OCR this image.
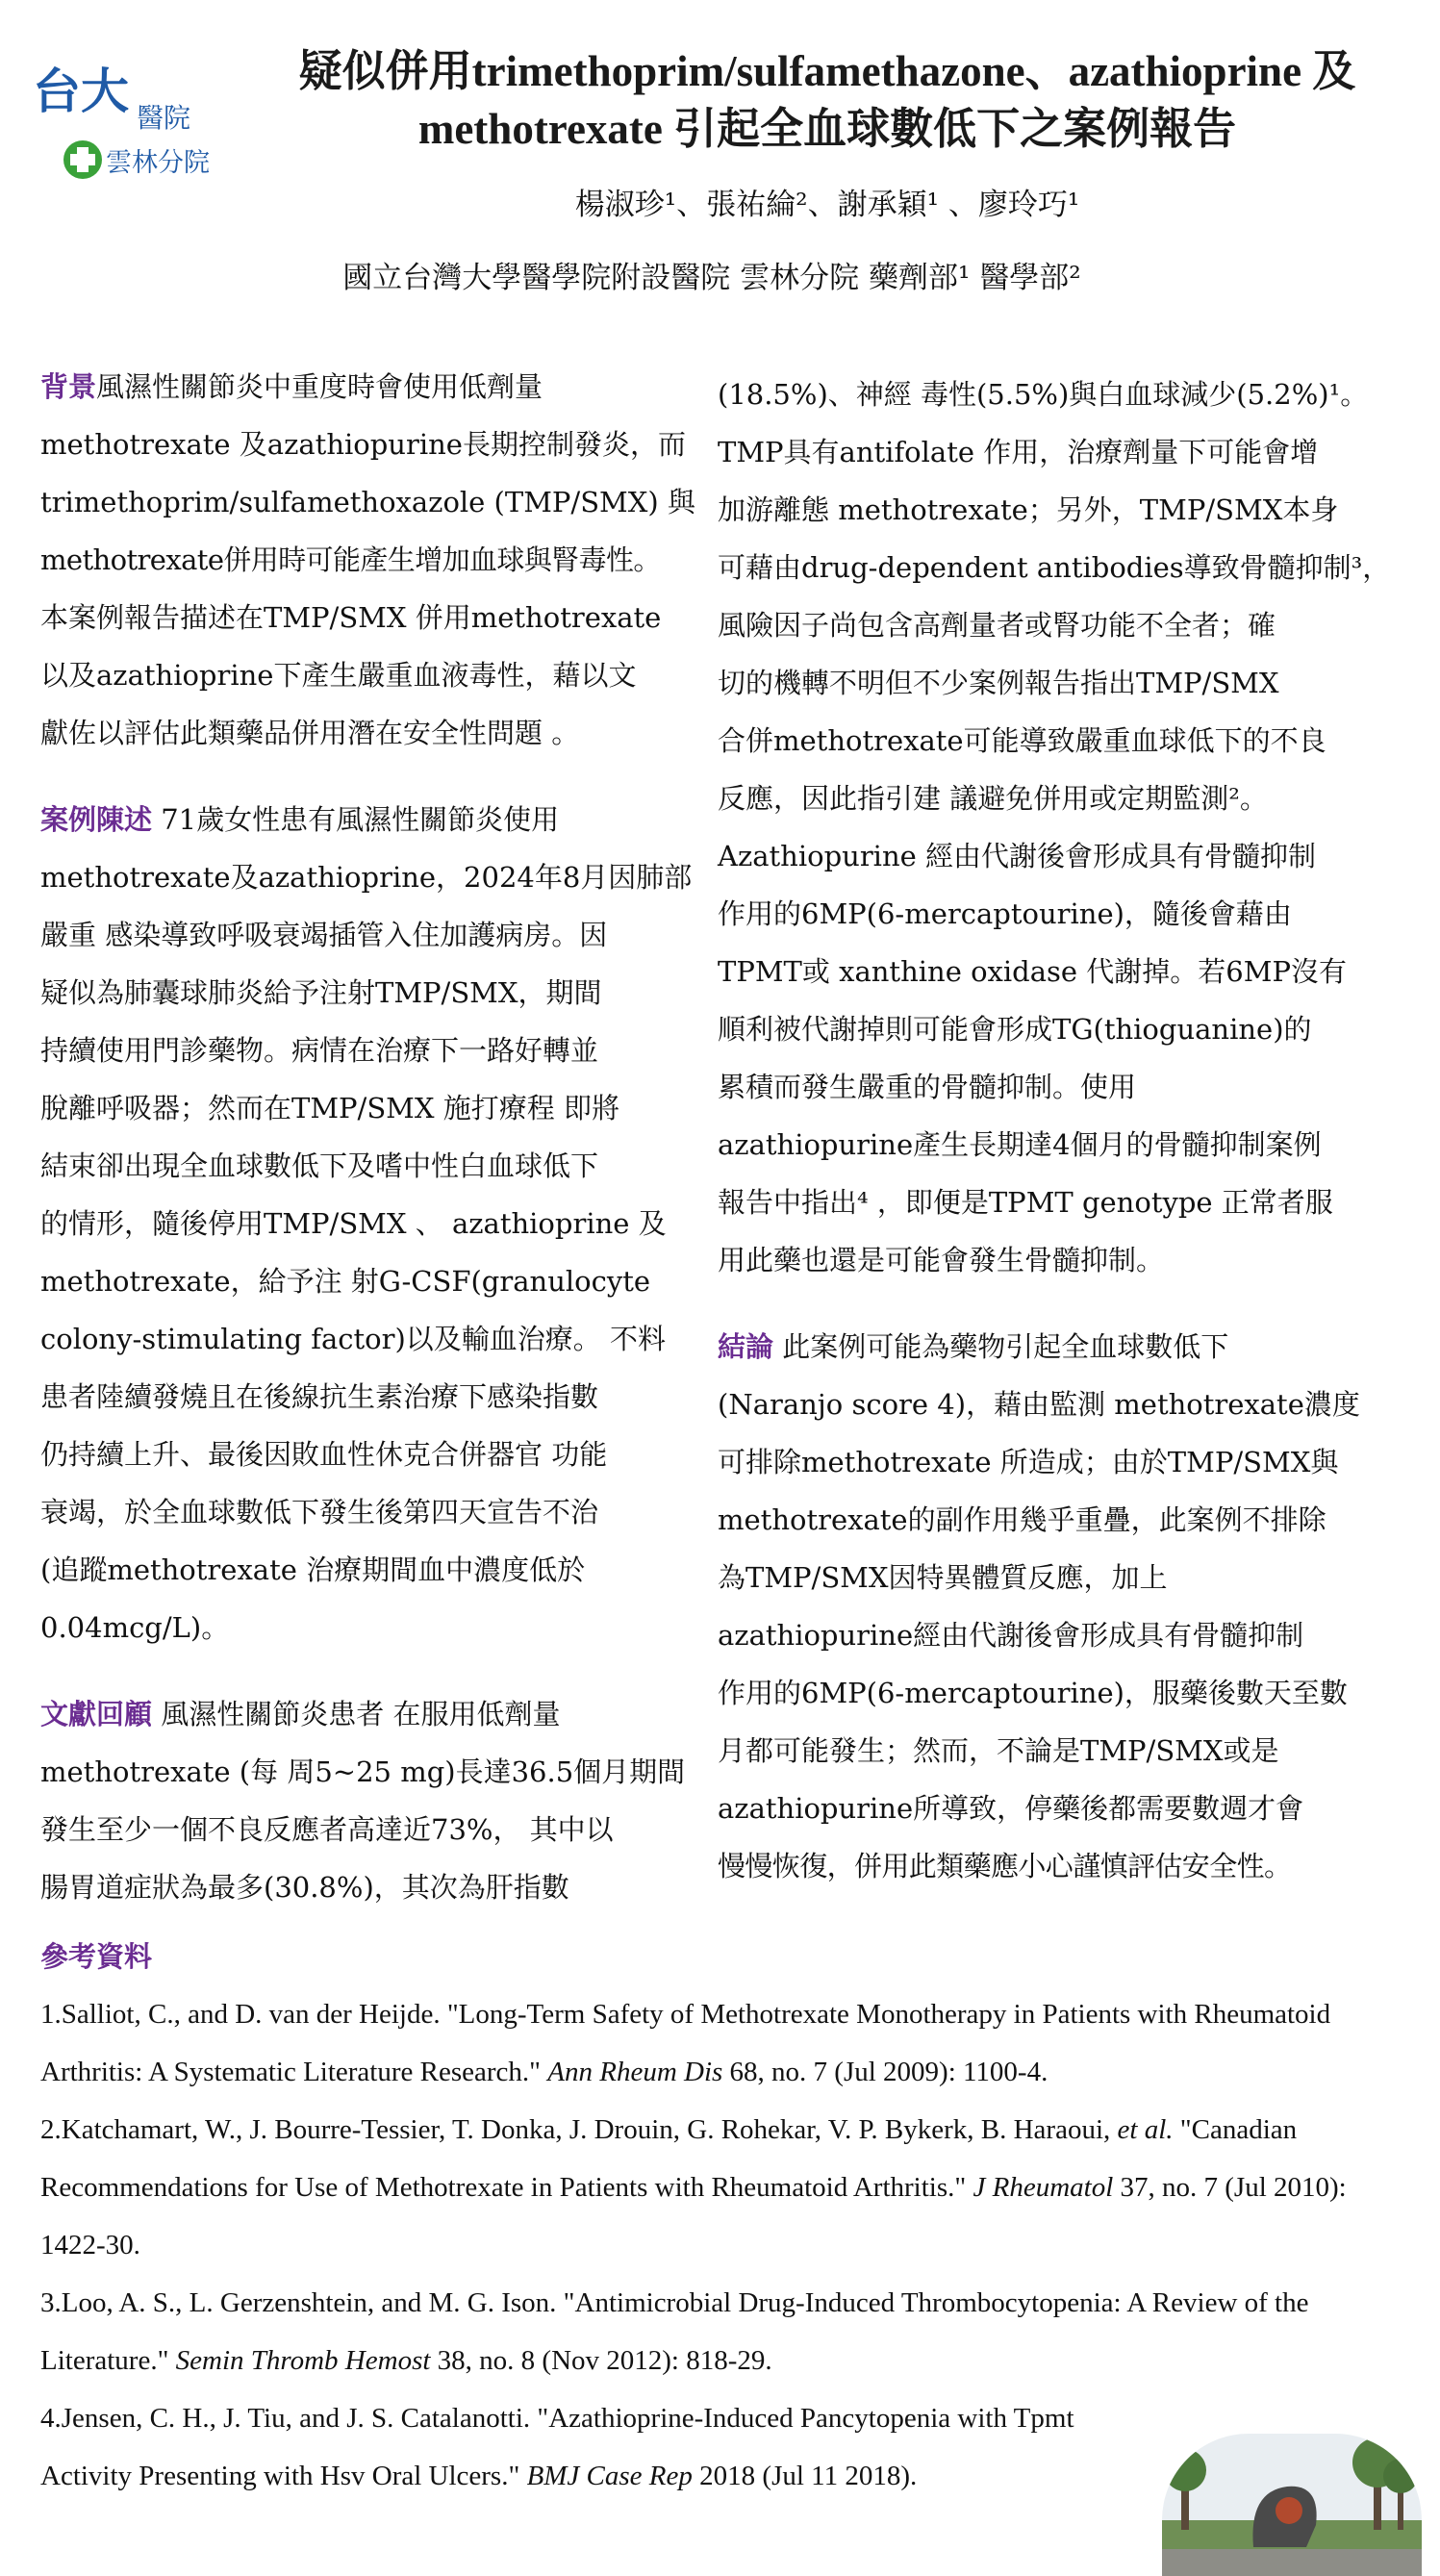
台大 醫院
雲林分院
疑似併用trimethoprim/sulfamethazone、azathioprine 及
methotrexate 引起全血球數低下之案例報告
楊淑珍¹、張祐綸²、謝承穎¹ 、廖玲巧¹
國立台灣大學醫學院附設醫院 雲林分院 藥劑部¹ 醫學部²

背景風濕性關節炎中重度時會使用低劑量

methotrexate 及azathiopurine長期控制發炎，而

trimethoprim/sulfamethoxazole (TMP/SMX) 與

methotrexate併用時可能產生增加血球與腎毒性。

本案例報告描述在TMP/SMX 併用methotrexate

以及azathioprine下產生嚴重血液毒性，藉以文

獻佐以評估此類藥品併用潛在安全性問題 。

案例陳述 71歲女性患有風濕性關節炎使用

methotrexate及azathioprine，2024年8月因肺部

嚴重 感染導致呼吸衰竭插管入住加護病房。因

疑似為肺囊球肺炎給予注射TMP/SMX，期間

持續使用門診藥物。病情在治療下一路好轉並

脫離呼吸器；然而在TMP/SMX 施打療程 即將

結束卻出現全血球數低下及嗜中性白血球低下

的情形，隨後停用TMP/SMX 、 azathioprine 及

methotrexate，給予注 射G-CSF(granulocyte

colony-stimulating factor)以及輸血治療。 不料

患者陸續發燒且在後線抗生素治療下感染指數

仍持續上升、最後因敗血性休克合併器官 功能

衰竭，於全血球數低下發生後第四天宣告不治

(追蹤methotrexate 治療期間血中濃度低於

0.04mcg/L)。

文獻回顧 風濕性關節炎患者 在服用低劑量

methotrexate (每 周5~25 mg)長達36.5個月期間

發生至少一個不良反應者高達近73%， 其中以

腸胃道症狀為最多(30.8%)，其次為肝指數

(18.5%)、神經 毒性(5.5%)與白血球減少(5.2%)¹。

TMP具有antifolate 作用，治療劑量下可能會增

加游離態 methotrexate；另外，TMP/SMX本身

可藉由drug-dependent antibodies導致骨髓抑制³，

風險因子尚包含高劑量者或腎功能不全者；確

切的機轉不明但不少案例報告指出TMP/SMX

合併methotrexate可能導致嚴重血球低下的不良

反應，因此指引建 議避免併用或定期監測²。

Azathiopurine 經由代謝後會形成具有骨髓抑制

作用的6MP(6-mercaptourine)，隨後會藉由

TPMT或 xanthine oxidase 代謝掉。若6MP沒有

順利被代謝掉則可能會形成TG(thioguanine)的

累積而發生嚴重的骨髓抑制。使用

azathiopurine產生長期達4個月的骨髓抑制案例

報告中指出⁴ ，即便是TPMT genotype 正常者服

用此藥也還是可能會發生骨髓抑制。

結論 此案例可能為藥物引起全血球數低下

(Naranjo score 4)，藉由監測 methotrexate濃度

可排除methotrexate 所造成；由於TMP/SMX與

methotrexate的副作用幾乎重疊，此案例不排除

為TMP/SMX因特異體質反應，加上

azathiopurine經由代謝後會形成具有骨髓抑制

作用的6MP(6-mercaptourine)，服藥後數天至數

月都可能發生；然而，不論是TMP/SMX或是

azathiopurine所導致，停藥後都需要數週才會

慢慢恢復，併用此類藥應小心謹慎評估安全性。

參考資料

1.Salliot, C., and D. van der Heijde. "Long-Term Safety of Methotrexate Monotherapy in Patients with Rheumatoid Arthritis: A Systematic Literature Research." Ann Rheum Dis 68, no. 7 (Jul 2009): 1100-4.

2.Katchamart, W., J. Bourre-Tessier, T. Donka, J. Drouin, G. Rohekar, V. P. Bykerk, B. Haraoui, et al. "Canadian Recommendations for Use of Methotrexate in Patients with Rheumatoid Arthritis." J Rheumatol 37, no. 7 (Jul 2010): 1422-30.

3.Loo, A. S., L. Gerzenshtein, and M. G. Ison. "Antimicrobial Drug-Induced Thrombocytopenia: A Review of the Literature." Semin Thromb Hemost 38, no. 8 (Nov 2012): 818-29.

4.Jensen, C. H., J. Tiu, and J. S. Catalanotti. "Azathioprine-Induced Pancytopenia with Tpmt Activity Presenting with Hsv Oral Ulcers." BMJ Case Rep 2018 (Jul 11 2018).
